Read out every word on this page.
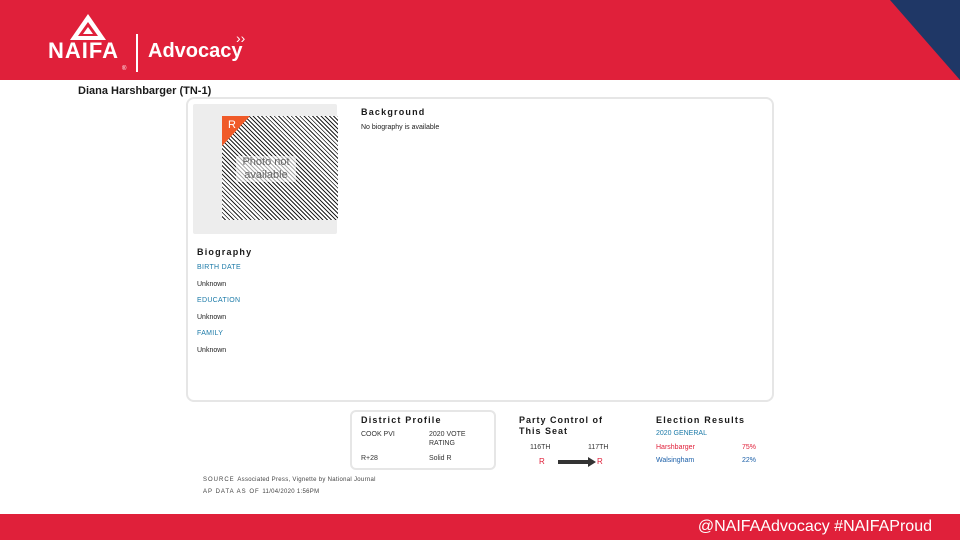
NAIFA
®
Advocacy
››
Diana Harshbarger (TN-1)
R
Photo not available
Background
No biography is available
Biography
BIRTH DATE
Unknown
EDUCATION
Unknown
FAMILY
Unknown
District Profile
COOK PVI	2020 VOTE
RATING
R+28	Solid R
Party Control of This Seat
116TH	117TH
R	R
Election Results
2020 GENERAL
Harshbarger	75%
Walsingham	22%
SOURCE Associated Press, Vignette by National Journal
AP DATA AS OF 11/04/2020 1:56PM
@NAIFAAdvocacy #NAIFAProud
